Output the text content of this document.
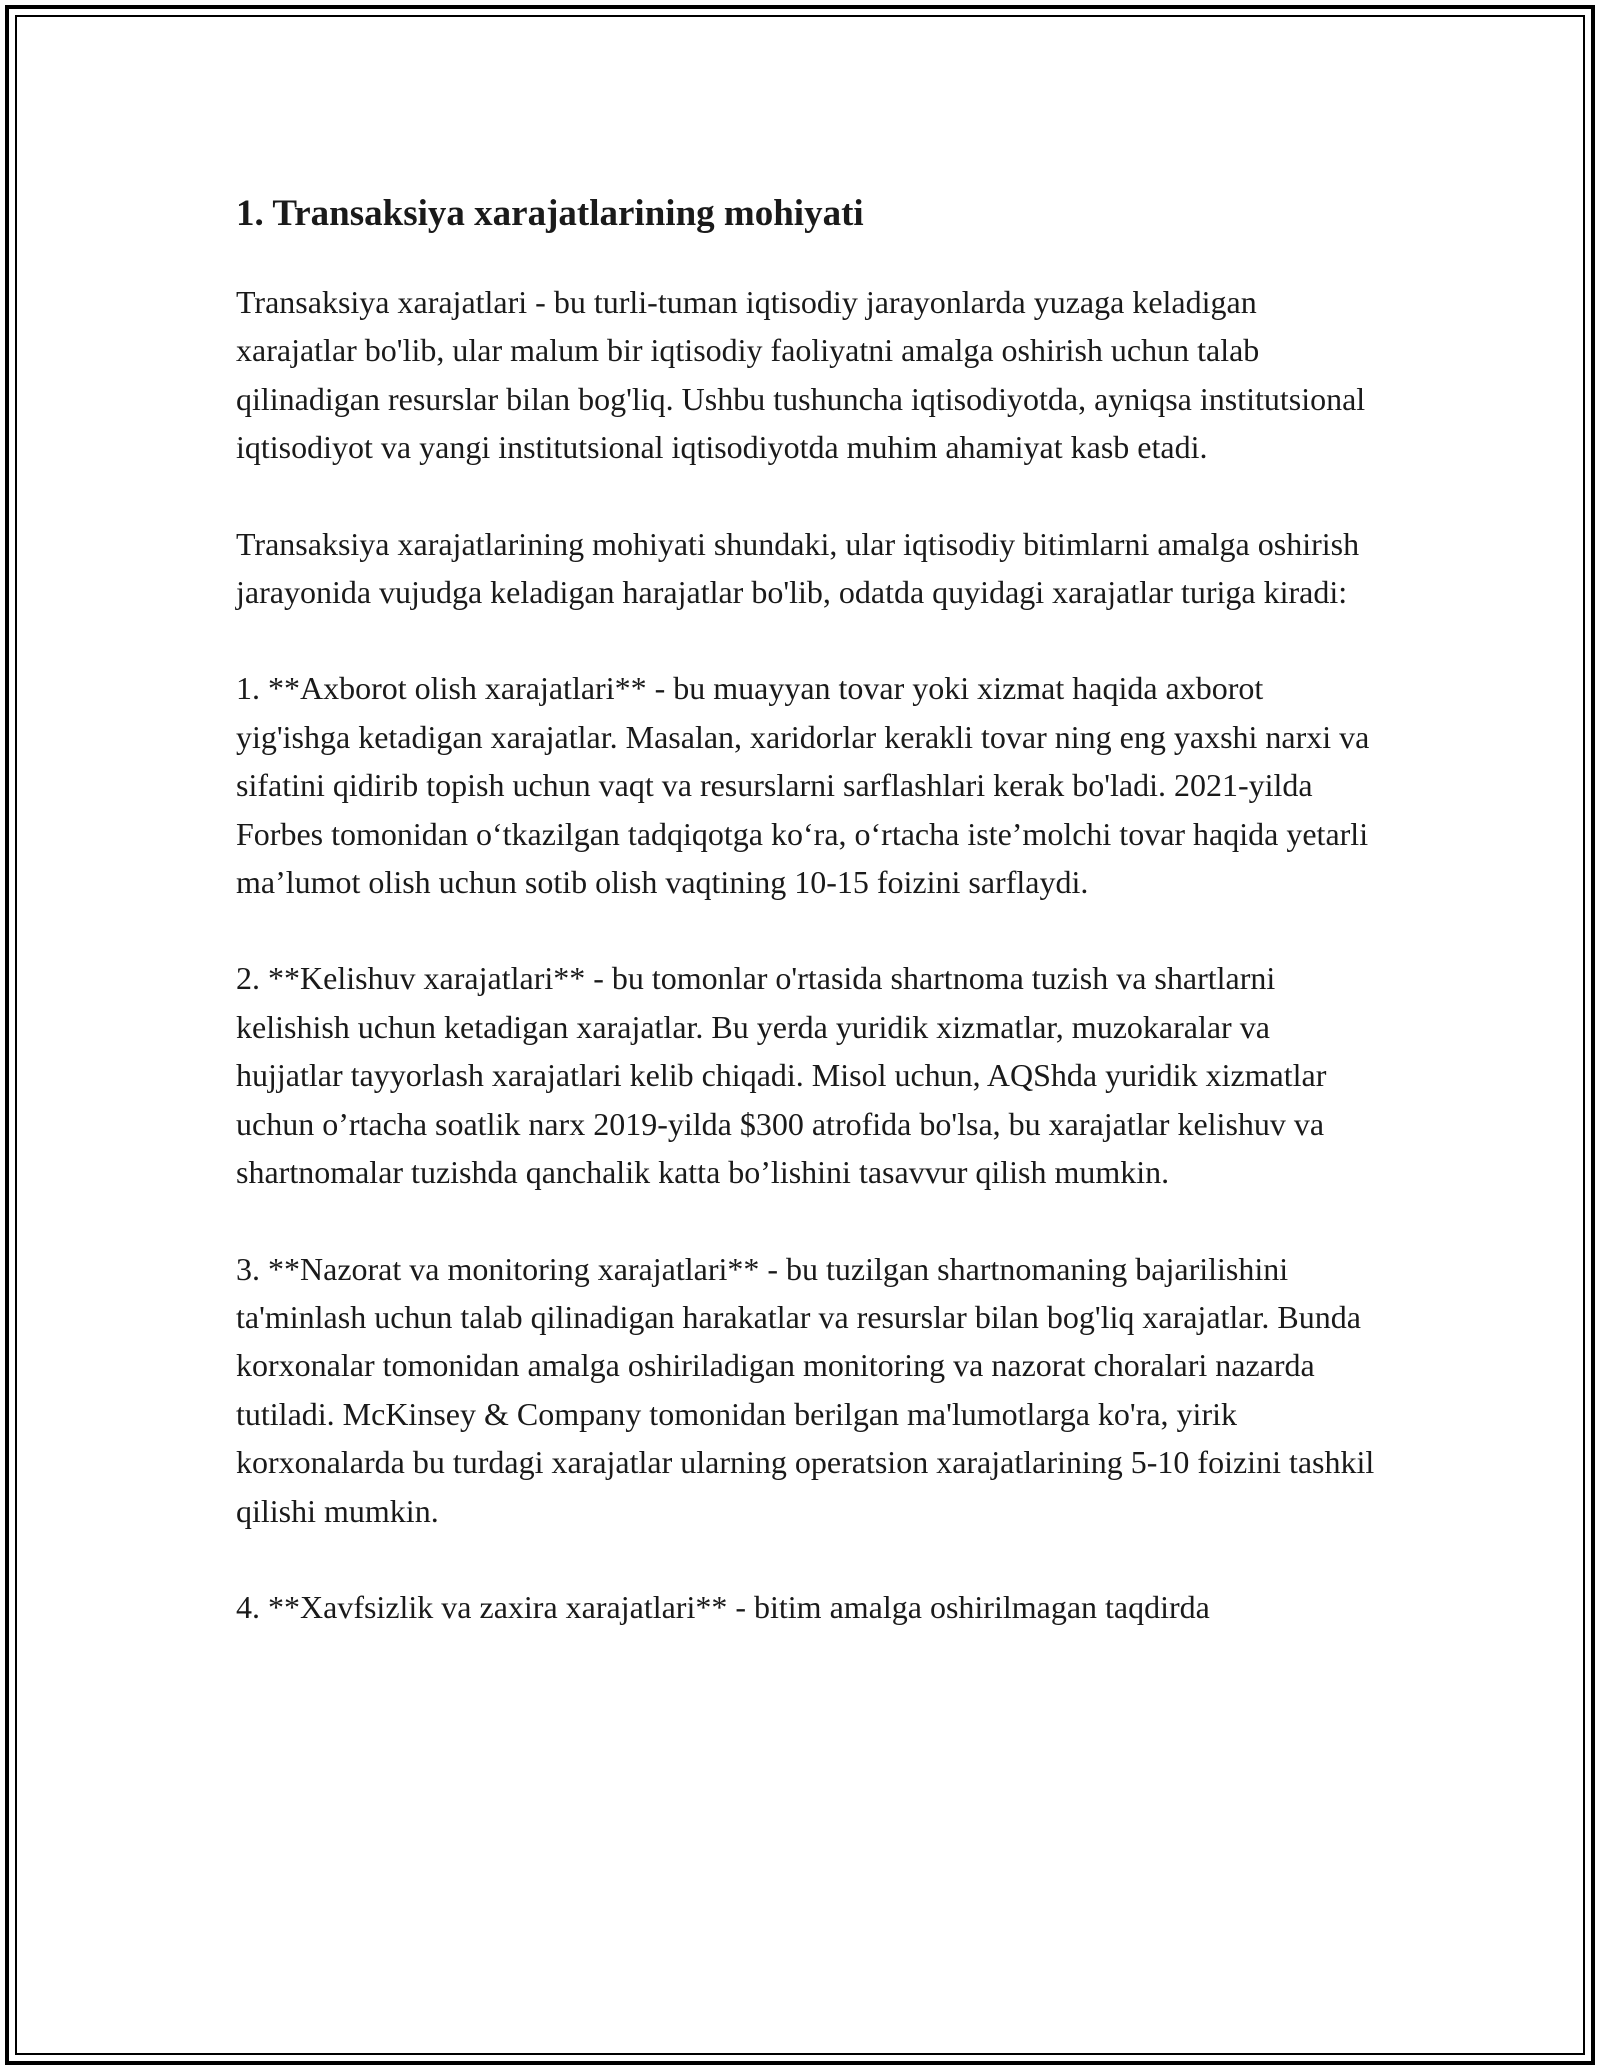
1. Transaksiya xarajatlarining mohiyati

Transaksiya xarajatlari - bu turli-tuman iqtisodiy jarayonlarda yuzaga keladigan xarajatlar bo'lib, ular malum bir iqtisodiy faoliyatni amalga oshirish uchun talab qilinadigan resurslar bilan bog'liq. Ushbu tushuncha iqtisodiyotda, ayniqsa institutsional iqtisodiyot va yangi institutsional iqtisodiyotda muhim ahamiyat kasb etadi.

Transaksiya xarajatlarining mohiyati shundaki, ular iqtisodiy bitimlarni amalga oshirish jarayonida vujudga keladigan harajatlar bo'lib, odatda quyidagi xarajatlar turiga kiradi:

1. **Axborot olish xarajatlari** - bu muayyan tovar yoki xizmat haqida axborot yig'ishga ketadigan xarajatlar. Masalan, xaridorlar kerakli tovar ning eng yaxshi narxi va sifatini qidirib topish uchun vaqt va resurslarni sarflashlari kerak bo'ladi. 2021-yilda Forbes tomonidan oʻtkazilgan tadqiqotga koʻra, oʻrtacha isteʼmolchi tovar haqida yetarli maʼlumot olish uchun sotib olish vaqtining 10-15 foizini sarflaydi.

2. **Kelishuv xarajatlari** - bu tomonlar o'rtasida shartnoma tuzish va shartlarni kelishish uchun ketadigan xarajatlar. Bu yerda yuridik xizmatlar, muzokaralar va hujjatlar tayyorlash xarajatlari kelib chiqadi. Misol uchun, AQShda yuridik xizmatlar uchun o’rtacha soatlik narx 2019-yilda $300 atrofida bo'lsa, bu xarajatlar kelishuv va shartnomalar tuzishda qanchalik katta bo’lishini tasavvur qilish mumkin.

3. **Nazorat va monitoring xarajatlari** - bu tuzilgan shartnomaning bajarilishini ta'minlash uchun talab qilinadigan harakatlar va resurslar bilan bog'liq xarajatlar. Bunda korxonalar tomonidan amalga oshiriladigan monitoring va nazorat choralari nazarda tutiladi. McKinsey & Company tomonidan berilgan ma'lumotlarga ko'ra, yirik korxonalarda bu turdagi xarajatlar ularning operatsion xarajatlarining 5-10 foizini tashkil qilishi mumkin.

4. **Xavfsizlik va zaxira xarajatlari** - bitim amalga oshirilmagan taqdirda
